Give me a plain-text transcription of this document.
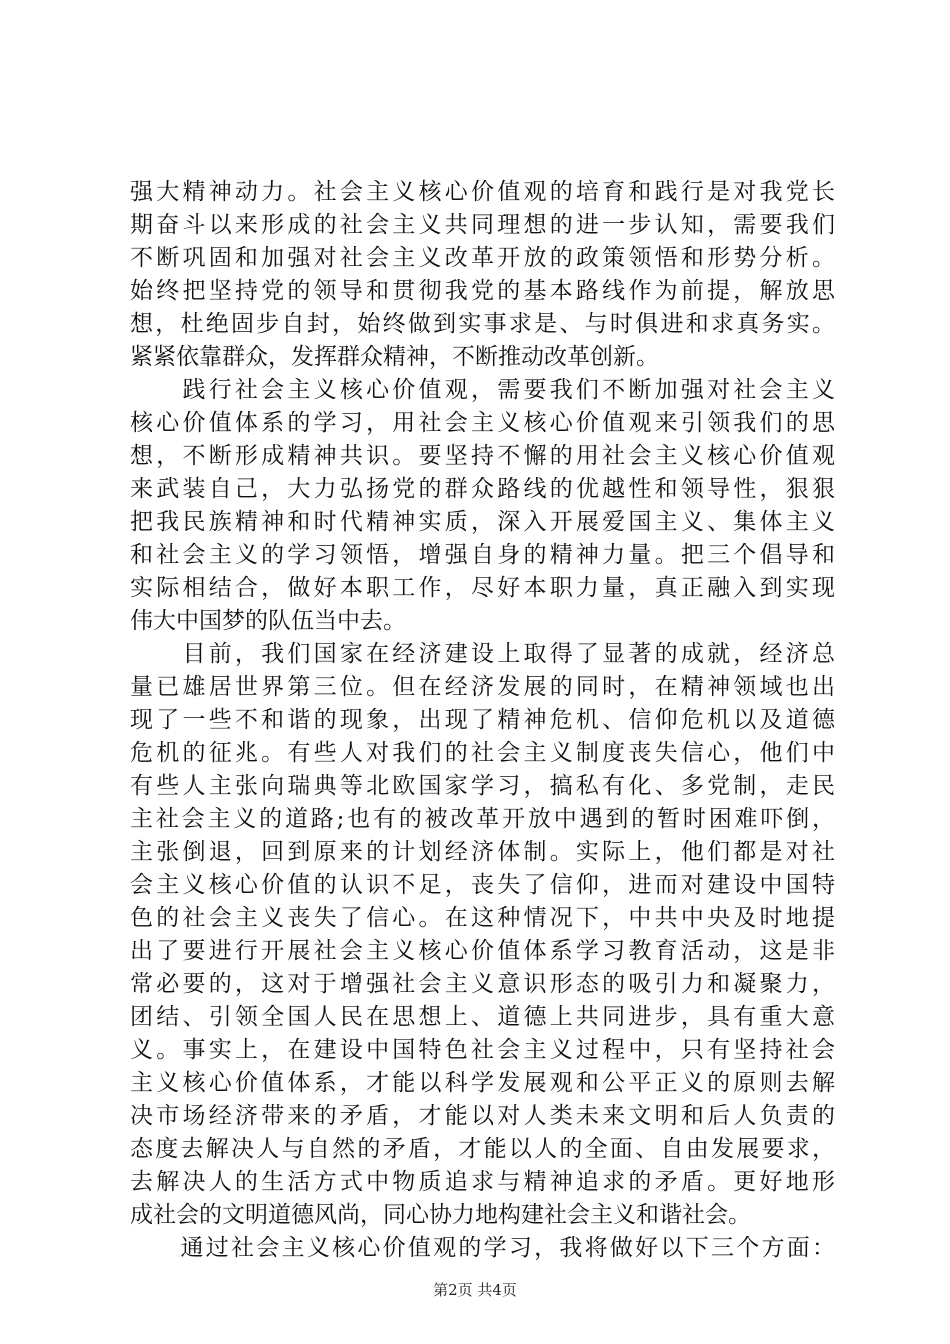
强大精神动力。社会主义核心价值观的培育和践行是对我党长
期奋斗以来形成的社会主义共同理想的进一步认知，需要我们
不断巩固和加强对社会主义改革开放的政策领悟和形势分析。
始终把坚持党的领导和贯彻我党的基本路线作为前提，解放思
想，杜绝固步自封，始终做到实事求是、与时俱进和求真务实。
紧紧依靠群众，发挥群众精神，不断推动改革创新。
　　践行社会主义核心价值观，需要我们不断加强对社会主义
核心价值体系的学习，用社会主义核心价值观来引领我们的思
想，不断形成精神共识。要坚持不懈的用社会主义核心价值观
来武装自己，大力弘扬党的群众路线的优越性和领导性，狠狠
把我民族精神和时代精神实质，深入开展爱国主义、集体主义
和社会主义的学习领悟，增强自身的精神力量。把三个倡导和
实际相结合，做好本职工作，尽好本职力量，真正融入到实现
伟大中国梦的队伍当中去。
　　目前，我们国家在经济建设上取得了显著的成就，经济总
量已雄居世界第三位。但在经济发展的同时，在精神领域也出
现了一些不和谐的现象，出现了精神危机、信仰危机以及道德
危机的征兆。有些人对我们的社会主义制度丧失信心，他们中
有些人主张向瑞典等北欧国家学习，搞私有化、多党制，走民
主社会主义的道路;也有的被改革开放中遇到的暂时困难吓倒，
主张倒退，回到原来的计划经济体制。实际上，他们都是对社
会主义核心价值的认识不足，丧失了信仰，进而对建设中国特
色的社会主义丧失了信心。在这种情况下，中共中央及时地提
出了要进行开展社会主义核心价值体系学习教育活动，这是非
常必要的，这对于增强社会主义意识形态的吸引力和凝聚力，
团结、引领全国人民在思想上、道德上共同进步，具有重大意
义。事实上，在建设中国特色社会主义过程中，只有坚持社会
主义核心价值体系，才能以科学发展观和公平正义的原则去解
决市场经济带来的矛盾，才能以对人类未来文明和后人负责的
态度去解决人与自然的矛盾，才能以人的全面、自由发展要求，
去解决人的生活方式中物质追求与精神追求的矛盾。更好地形
成社会的文明道德风尚，同心协力地构建社会主义和谐社会。
　　通过社会主义核心价值观的学习，我将做好以下三个方面：
第2页 共4页
